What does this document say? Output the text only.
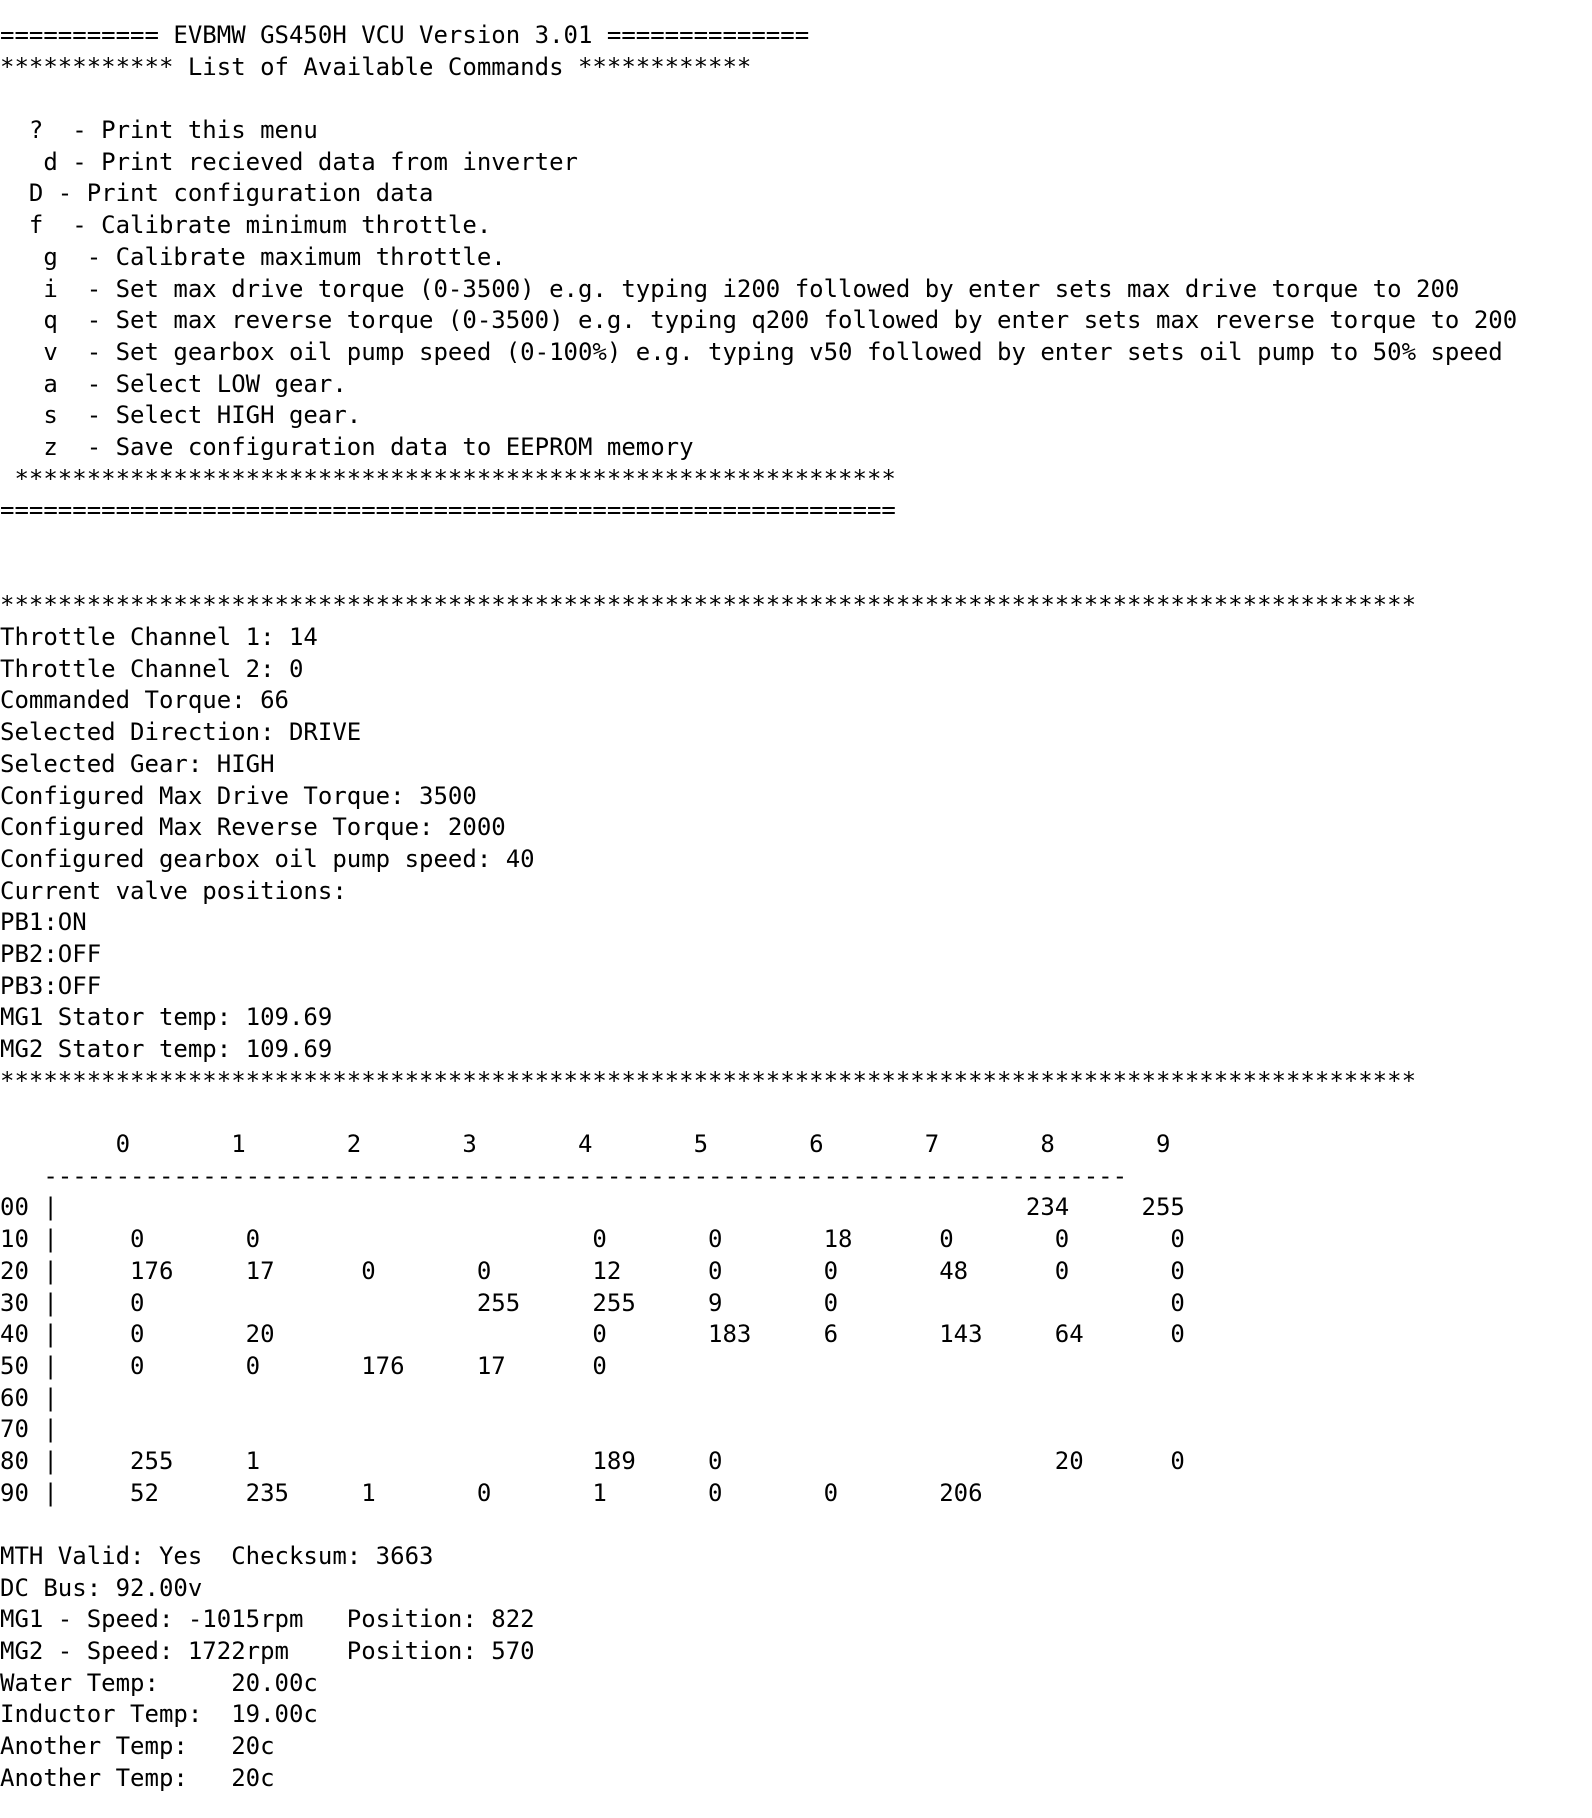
=========== EVBMW GS450H VCU Version 3.01 ==============
************ List of Available Commands ************
?  - Print this menu
d - Print recieved data from inverter
D - Print configuration data
f  - Calibrate minimum throttle.
g  - Calibrate maximum throttle.
i  - Set max drive torque (0-3500) e.g. typing i200 followed by enter sets max drive torque to 200
q  - Set max reverse torque (0-3500) e.g. typing q200 followed by enter sets max reverse torque to 200
v  - Set gearbox oil pump speed (0-100%) e.g. typing v50 followed by enter sets oil pump to 50% speed
a  - Select LOW gear.
s  - Select HIGH gear.
z  - Save configuration data to EEPROM memory
*************************************************************
==============================================================
**************************************************************************************************
Throttle Channel 1: 14
Throttle Channel 2: 0
Commanded Torque: 66
Selected Direction: DRIVE
Selected Gear: HIGH
Configured Max Drive Torque: 3500
Configured Max Reverse Torque: 2000
Configured gearbox oil pump speed: 40
Current valve positions:
PB1:ON
PB2:OFF
PB3:OFF
MG1 Stator temp: 109.69
MG2 Stator temp: 109.69
**************************************************************************************************
0       1       2       3       4       5       6       7       8       9
---------------------------------------------------------------------------
00 |                                                                   234     255
10 |     0       0                       0       0       18      0       0       0
20 |     176     17      0       0       12      0       0       48      0       0
30 |     0                       255     255     9       0                       0
40 |     0       20                      0       183     6       143     64      0
50 |     0       0       176     17      0
60 |
70 |
80 |     255     1                       189     0                       20      0
90 |     52      235     1       0       1       0       0       206
MTH Valid: Yes  Checksum: 3663
DC Bus: 92.00v
MG1 - Speed: -1015rpm   Position: 822
MG2 - Speed: 1722rpm    Position: 570
Water Temp:     20.00c
Inductor Temp:  19.00c
Another Temp:   20c
Another Temp:   20c
